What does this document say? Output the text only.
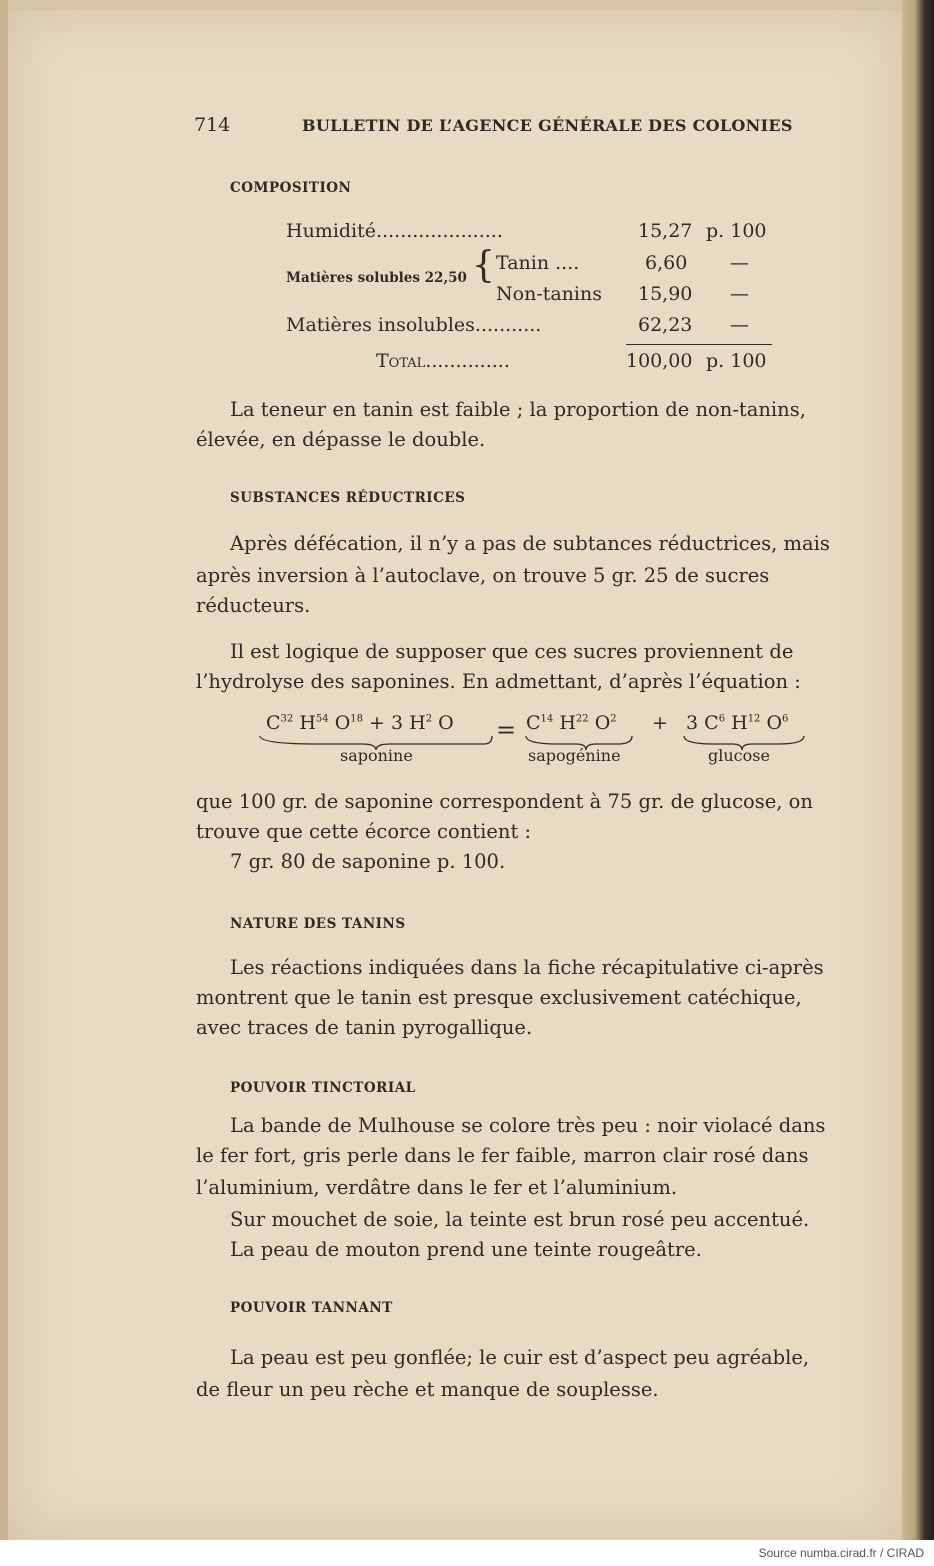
714	BULLETIN DE L’AGENCE GÉNÉRALE DES COLONIES
COMPOSITION
Humidité.....................	15,27 p. 100
Matières solubles 22,50 { Tanin ....	6,60 —
Non-tanins 15,90 —
Matières insolubles...........	62,23 —
Total..............	100,00 p. 100
La teneur en tanin est faible ; la proportion de non-tanins,
élevée, en dépasse le double.
SUBSTANCES RÉDUCTRICES
Après défécation, il n’y a pas de subtances réductrices, mais
après inversion à l’autoclave, on trouve 5 gr. 25 de sucres
réducteurs.
Il est logique de supposer que ces sucres proviennent de
l’hydrolyse des saponines. En admettant, d’après l’équation :
$C^{32}$ $H^{54}$ $O^{18} + 3$ $H^2$ $O = C^{14}$ $H^{22}$ $O^2 + 3$ $C^6$ $H^{12}$ $O^6$
saponine	sapogénine	glucose
que 100 gr. de saponine correspondent à 75 gr. de glucose, on
trouve que cette écorce contient :
7 gr. 80 de saponine p. 100.
NATURE DES TANINS
Les réactions indiquées dans la fiche récapitulative ci-après
montrent que le tanin est presque exclusivement catéchique,
avec traces de tanin pyrogallique.
POUVOIR TINCTORIAL
La bande de Mulhouse se colore très peu : noir violacé dans
le fer fort, gris perle dans le fer faible, marron clair rosé dans
l’aluminium, verdâtre dans le fer et l’aluminium.
Sur mouchet de soie, la teinte est brun rosé peu accentué.
La peau de mouton prend une teinte rougeâtre.
POUVOIR TANNANT
La peau est peu gonflée; le cuir est d’aspect peu agréable,
de fleur un peu rèche et manque de souplesse.
Source numba.cirad.fr / CIRAD
